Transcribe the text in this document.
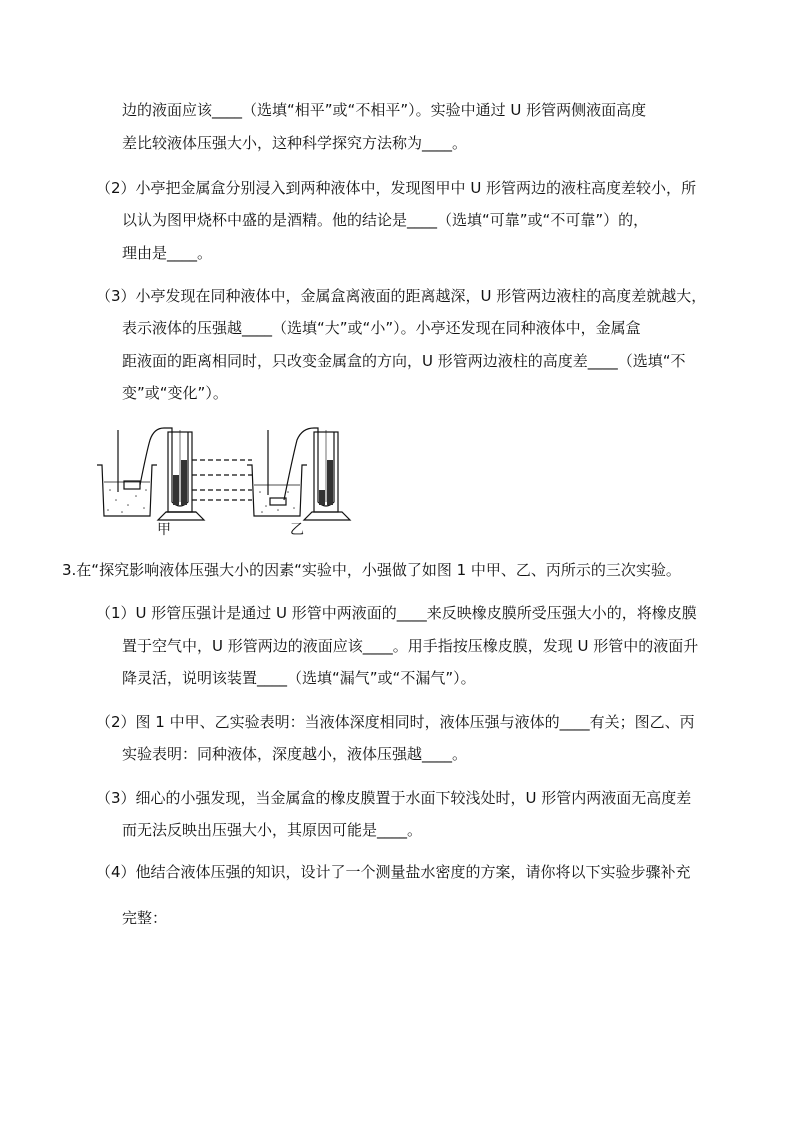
边的液面应该____（选填“相平”或“不相平”）。实验中通过 U 形管两侧液面高度
差比较液体压强大小，这种科学探究方法称为____。
（2）小亭把金属盒分别浸入到两种液体中，发现图甲中 U 形管两边的液柱高度差较小，所
以认为图甲烧杯中盛的是酒精。他的结论是____（选填“可靠”或“不可靠”）的，
理由是____。
（3）小亭发现在同种液体中，金属盒离液面的距离越深，U 形管两边液柱的高度差就越大，
表示液体的压强越____（选填“大”或“小”）。小亭还发现在同种液体中，金属盒
距液面的距离相同时，只改变金属盒的方向，U 形管两边液柱的高度差____（选填“不
变”或“变化”）。
3.在“探究影响液体压强大小的因素“实验中，小强做了如图 1 中甲、乙、丙所示的三次实验。
（1）U 形管压强计是通过 U 形管中两液面的____来反映橡皮膜所受压强大小的，将橡皮膜
置于空气中，U 形管两边的液面应该____。用手指按压橡皮膜，发现 U 形管中的液面升
降灵活，说明该装置____（选填“漏气”或“不漏气”）。
（2）图 1 中甲、乙实验表明：当液体深度相同时，液体压强与液体的____有关；图乙、丙
实验表明：同种液体，深度越小，液体压强越____。
（3）细心的小强发现，当金属盒的橡皮膜置于水面下较浅处时，U 形管内两液面无高度差
而无法反映出压强大小，其原因可能是____。
（4）他结合液体压强的知识，设计了一个测量盐水密度的方案，请你将以下实验步骤补充
完整：
甲	乙
